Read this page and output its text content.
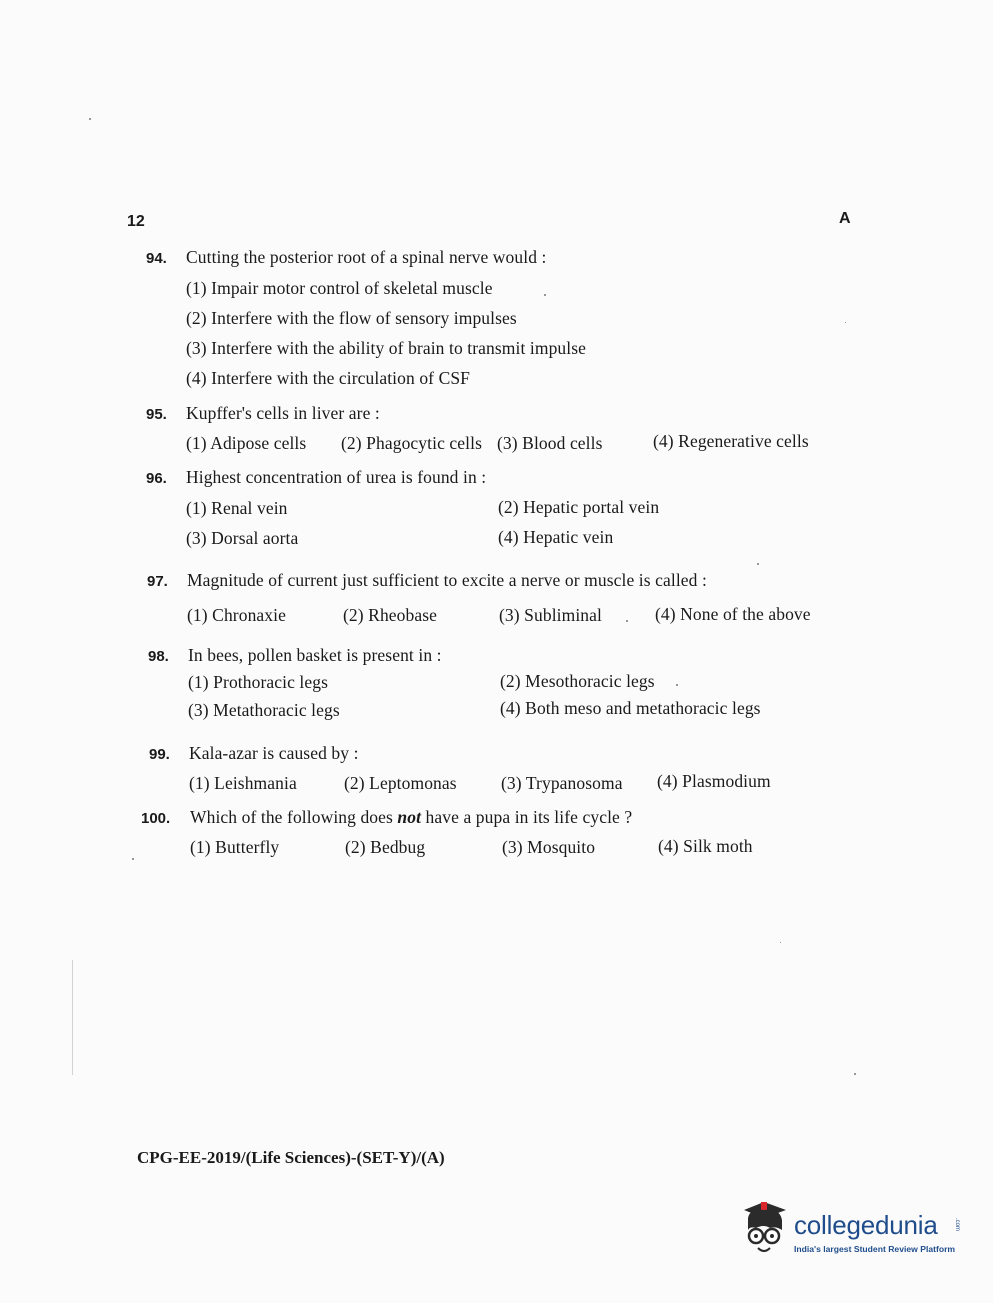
12	A
94. Cutting the posterior root of a spinal nerve would :
(1) Impair motor control of skeletal muscle
(2) Interfere with the flow of sensory impulses
(3) Interfere with the ability of brain to transmit impulse
(4) Interfere with the circulation of CSF
95. Kupffer's cells in liver are :
(1) Adipose cells (2) Phagocytic cells (3) Blood cells	(4) Regenerative cells
96. Highest concentration of urea is found in :
(1) Renal vein	(2) Hepatic portal vein
(3) Dorsal aorta	(4) Hepatic vein
97. Magnitude of current just sufficient to excite a nerve or muscle is called :
(1) Chronaxie	(2) Rheobase	(3) Subliminal	(4) None of the above
98. In bees, pollen basket is present in :
(1) Prothoracic legs	(2) Mesothoracic legs
(3) Metathoracic legs	(4) Both meso and metathoracic legs
99. Kala-azar is caused by :
(1) Leishmania	(2) Leptomonas	(3) Trypanosoma (4) Plasmodium
100. Which of the following does not have a pupa in its life cycle ?
(1) Butterfly	(2) Bedbug	(3) Mosquito	(4) Silk moth
CPG-EE-2019/(Life Sciences)-(SET-Y)/(A)
collegedunia	.com
India's largest Student Review Platform
